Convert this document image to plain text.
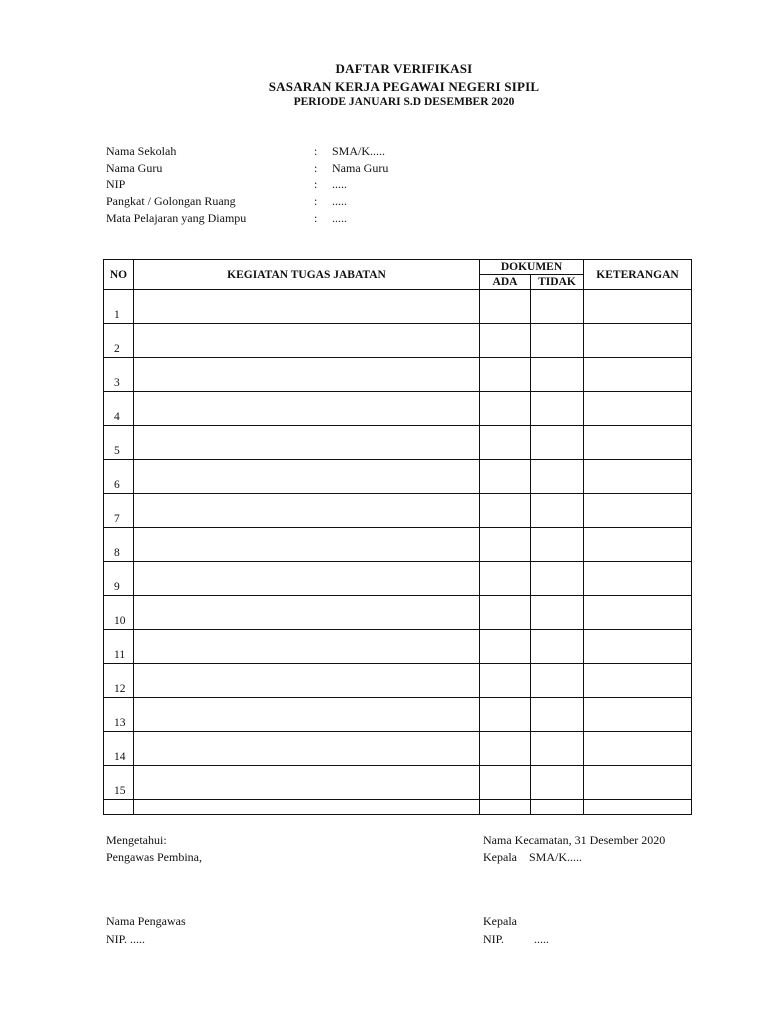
DAFTAR VERIFIKASI
SASARAN KERJA PEGAWAI NEGERI SIPIL
PERIODE JANUARI S.D DESEMBER 2020
Nama Sekolah	: SMA/K.....
Nama Guru	: Nama Guru
NIP	: .....
Pangkat / Golongan Ruang	: .....
Mata Pelajaran yang Diampu	: .....
NO	KEGIATAN TUGAS JABATAN	DOKUMEN		KETERANGAN
		ADA	TIDAK	
1				
2				
3				
4				
5				
6				
7				
8				
9				
10				
11				
12				
13				
14				
15				

Mengetahui:
Pengawas Pembina,
Nama Pengawas
NIP. .....
Nama Kecamatan, 31 Desember 2020
Kepala    SMA/K.....
Kepala
NIP.          .....
